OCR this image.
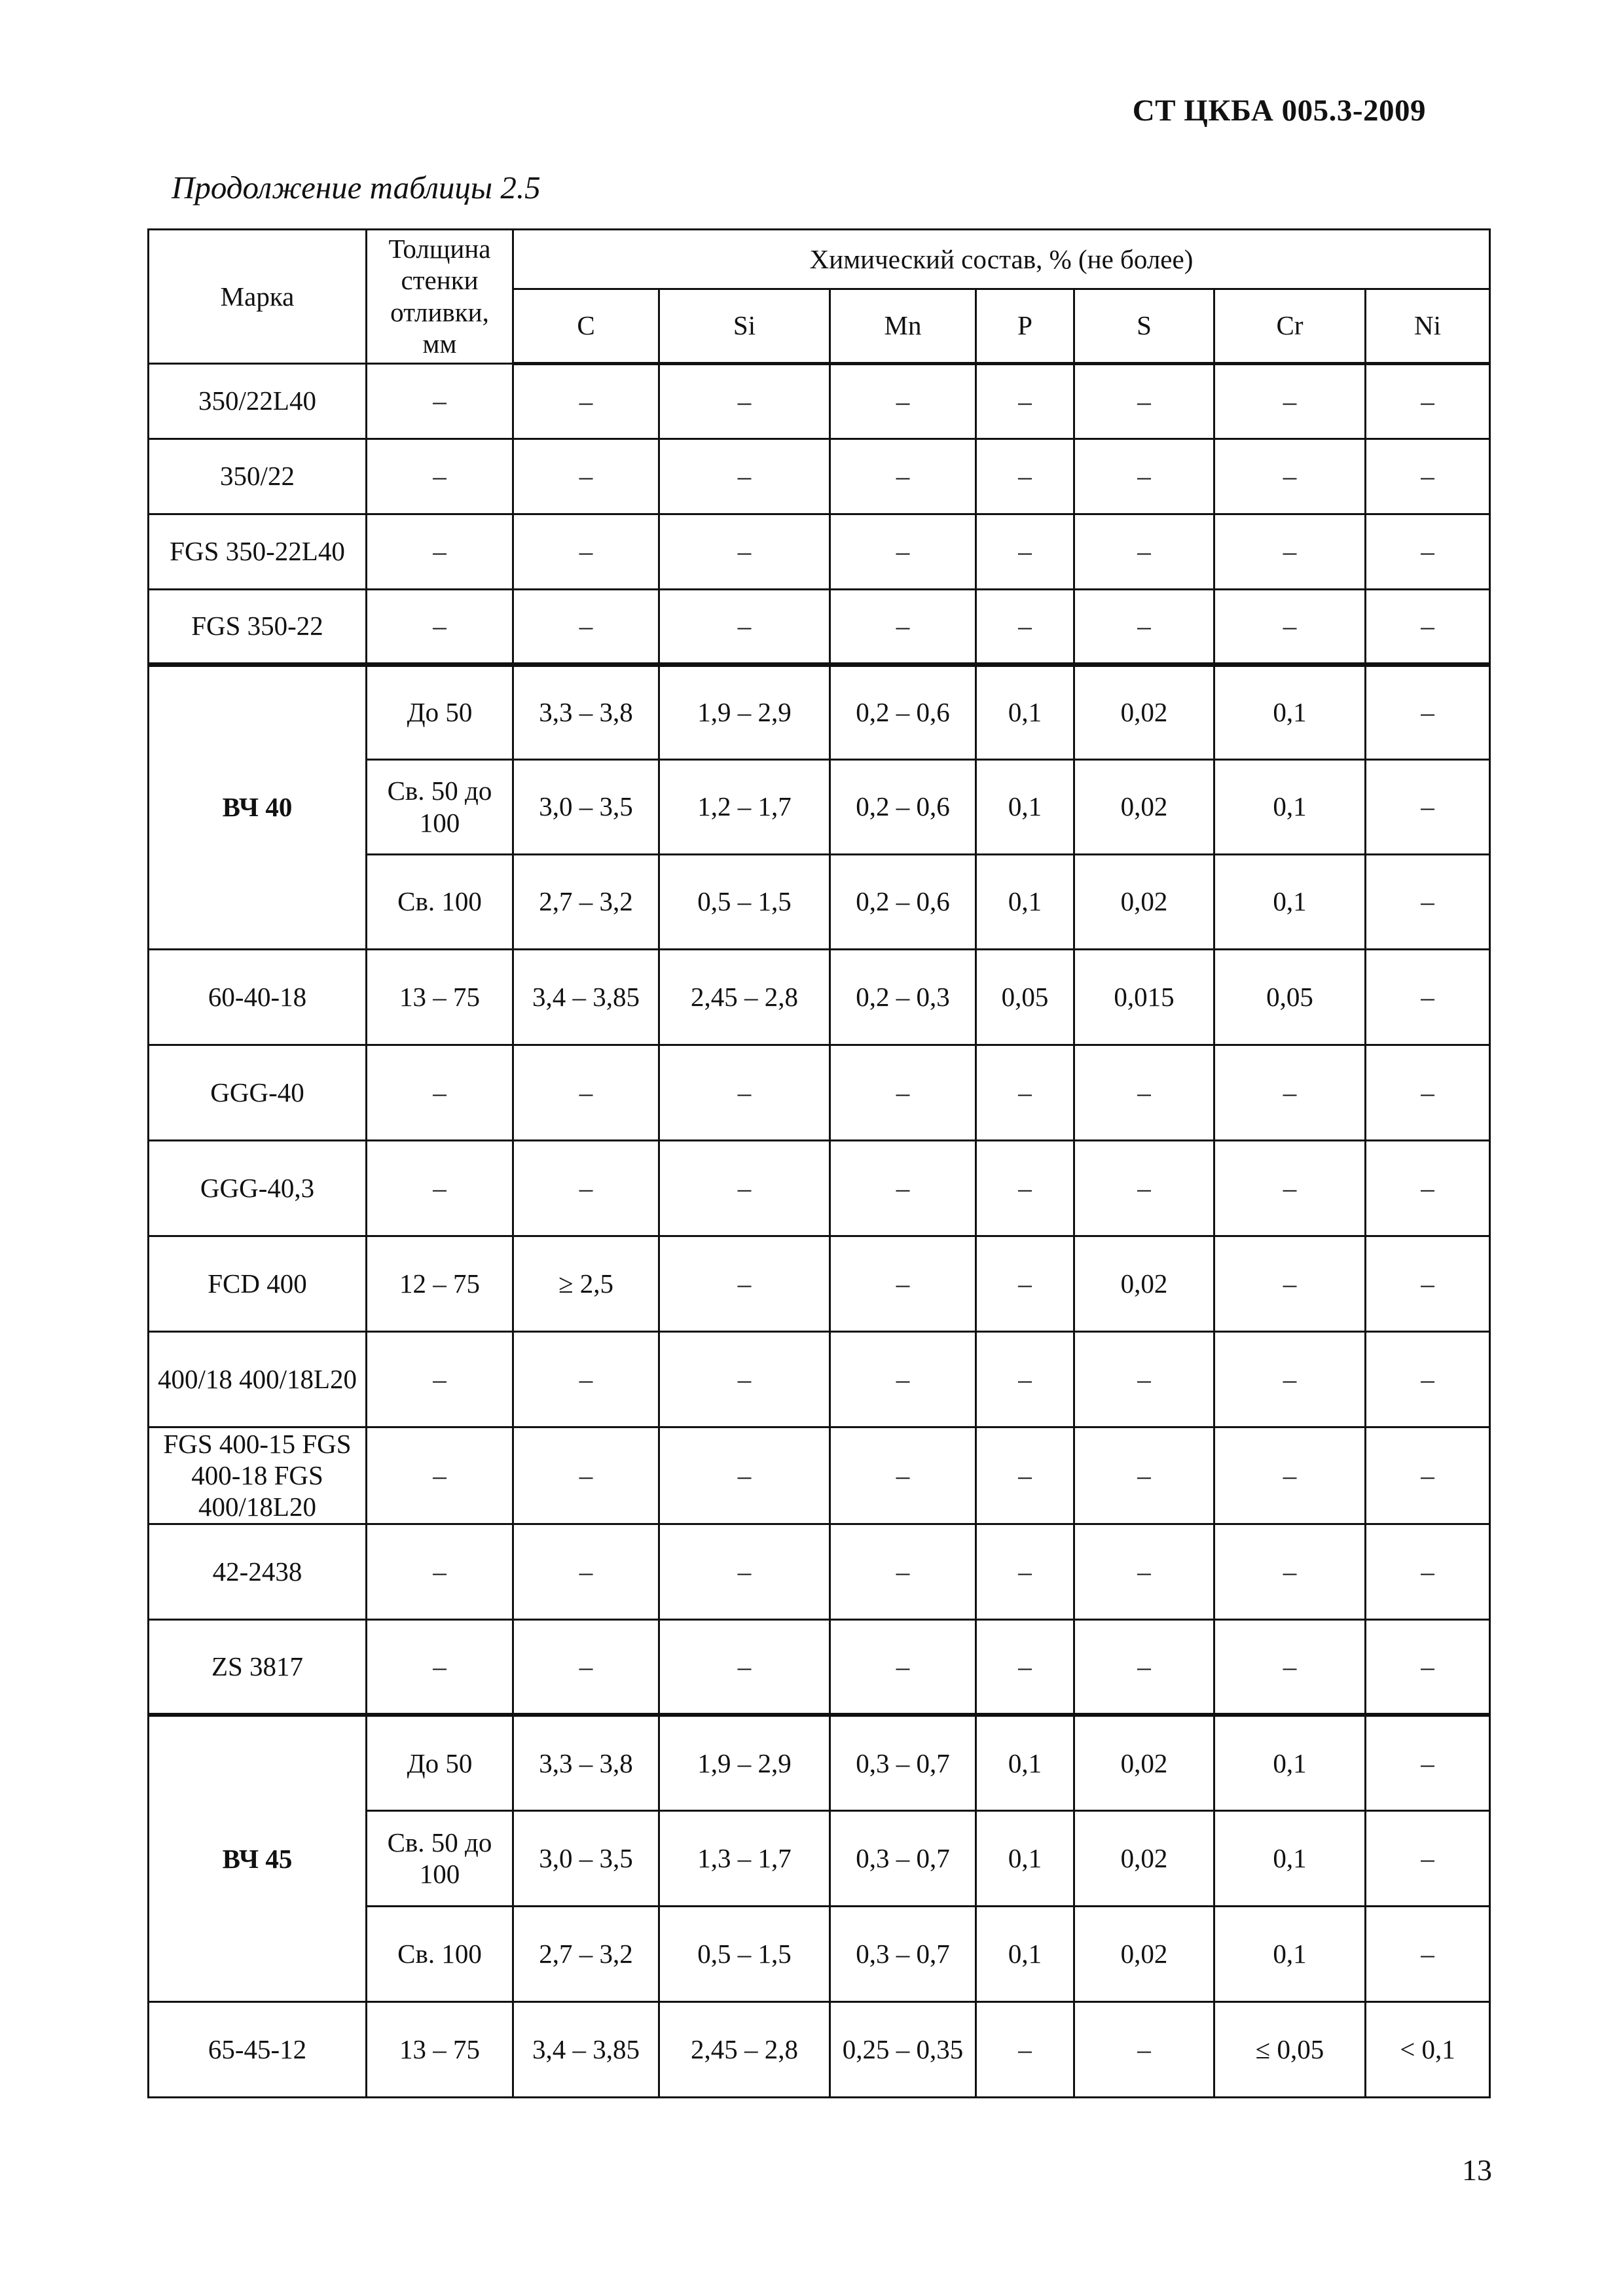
СТ ЦКБА 005.3-2009
Продолжение таблицы 2.5
Марка	Толщина стенки отливки, мм	Химический состав, % (не более)						
		C	Si	Mn	P	S	Cr	Ni
350/22L40	–	–	–	–	–	–	–	–
350/22	–	–	–	–	–	–	–	–
FGS 350-22L40	–	–	–	–	–	–	–	–
FGS 350-22	–	–	–	–	–	–	–	–
ВЧ 40	До 50	3,3 – 3,8	1,9 – 2,9	0,2 – 0,6	0,1	0,02	0,1	–
	Св. 50 до 100	3,0 – 3,5	1,2 – 1,7	0,2 – 0,6	0,1	0,02	0,1	–
	Св. 100	2,7 – 3,2	0,5 – 1,5	0,2 – 0,6	0,1	0,02	0,1	–
60-40-18	13 – 75	3,4 – 3,85	2,45 – 2,8	0,2 – 0,3	0,05	0,015	0,05	–
GGG-40	–	–	–	–	–	–	–	–
GGG-40,3	–	–	–	–	–	–	–	–
FCD 400	12 – 75	≥ 2,5	–	–	–	0,02	–	–
400/18 400/18L20	–	–	–	–	–	–	–	–
FGS 400-15 FGS 400-18 FGS 400/18L20	–	–	–	–	–	–	–	–
42-2438	–	–	–	–	–	–	–	–
ZS 3817	–	–	–	–	–	–	–	–
ВЧ 45	До 50	3,3 – 3,8	1,9 – 2,9	0,3 – 0,7	0,1	0,02	0,1	–
	Св. 50 до 100	3,0 – 3,5	1,3 – 1,7	0,3 – 0,7	0,1	0,02	0,1	–
	Св. 100	2,7 – 3,2	0,5 – 1,5	0,3 – 0,7	0,1	0,02	0,1	–
65-45-12	13 – 75	3,4 – 3,85	2,45 – 2,8	0,25 – 0,35	–	–	≤ 0,05	< 0,1
13
